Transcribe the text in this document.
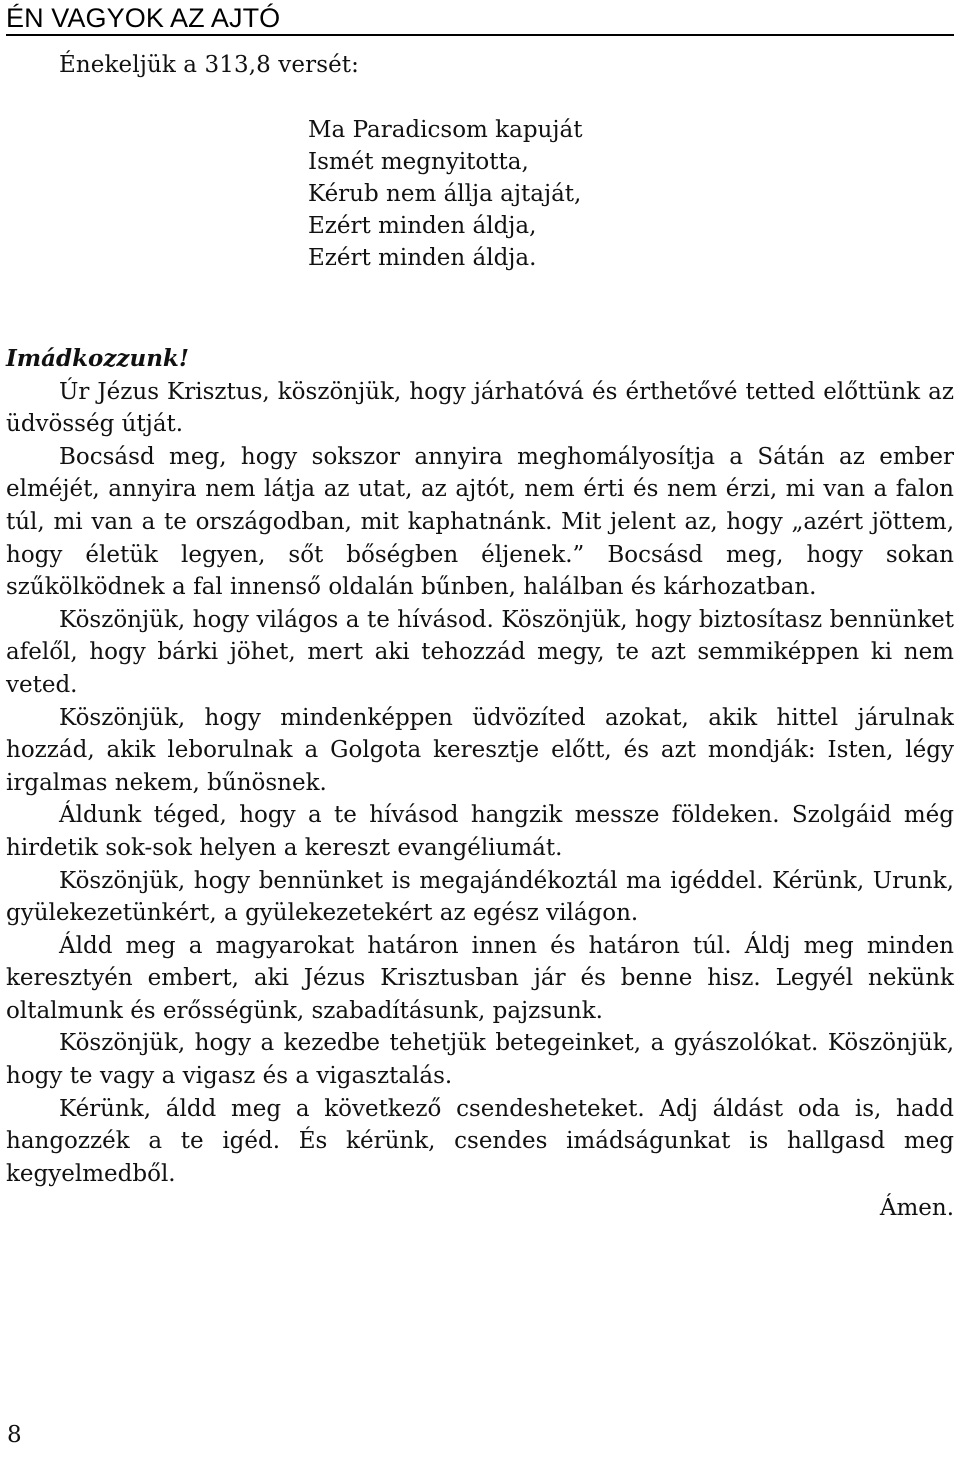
ÉN VAGYOK AZ AJTÓ
Énekeljük a 313,8 versét:
Ma Paradicsom kapuját
Ismét megnyitotta,
Kérub nem állja ajtaját,
Ezért minden áldja,
Ezért minden áldja.

Imádkozzunk!

Úr Jézus Krisztus, köszönjük, hogy járhatóvá és érthetővé tetted előttünk az üdvösség útját.

Bocsásd meg, hogy sokszor annyira meghomályosítja a Sátán az ember elméjét, annyira nem látja az utat, az ajtót, nem érti és nem érzi, mi van a falon túl, mi van a te országodban, mit kaphatnánk. Mit jelent az, hogy „azért jöttem, hogy életük legyen, sőt bőségben éljenek.” Bocsásd meg, hogy sokan szűkölködnek a fal innenső oldalán bűnben, halálban és kárhozatban.

Köszönjük, hogy világos a te hívásod. Köszönjük, hogy biztosítasz bennünket afelől, hogy bárki jöhet, mert aki tehozzád megy, te azt semmiképpen ki nem veted.

Köszönjük, hogy mindenképpen üdvözíted azokat, akik hittel járulnak hozzád, akik leborulnak a Golgota keresztje előtt, és azt mondják: Isten, légy irgalmas nekem, bűnösnek.

Áldunk téged, hogy a te hívásod hangzik messze földeken. Szolgáid még hirdetik sok-sok helyen a kereszt evangéliumát.

Köszönjük, hogy bennünket is megajándékoztál ma igéddel. Kérünk, Urunk, gyülekezetünkért, a gyülekezetekért az egész világon.

Áldd meg a magyarokat határon innen és határon túl. Áldj meg minden keresztyén embert, aki Jézus Krisztusban jár és benne hisz. Legyél nekünk oltalmunk és erősségünk, szabadításunk, pajzsunk.

Köszönjük, hogy a kezedbe tehetjük betegeinket, a gyászolókat. Köszönjük, hogy te vagy a vigasz és a vigasztalás.

Kérünk, áldd meg a következő csendesheteket. Adj áldást oda is, hadd hangozzék a te igéd. És kérünk, csendes imádságunkat is hallgasd meg kegyelmedből.

Ámen.

8
